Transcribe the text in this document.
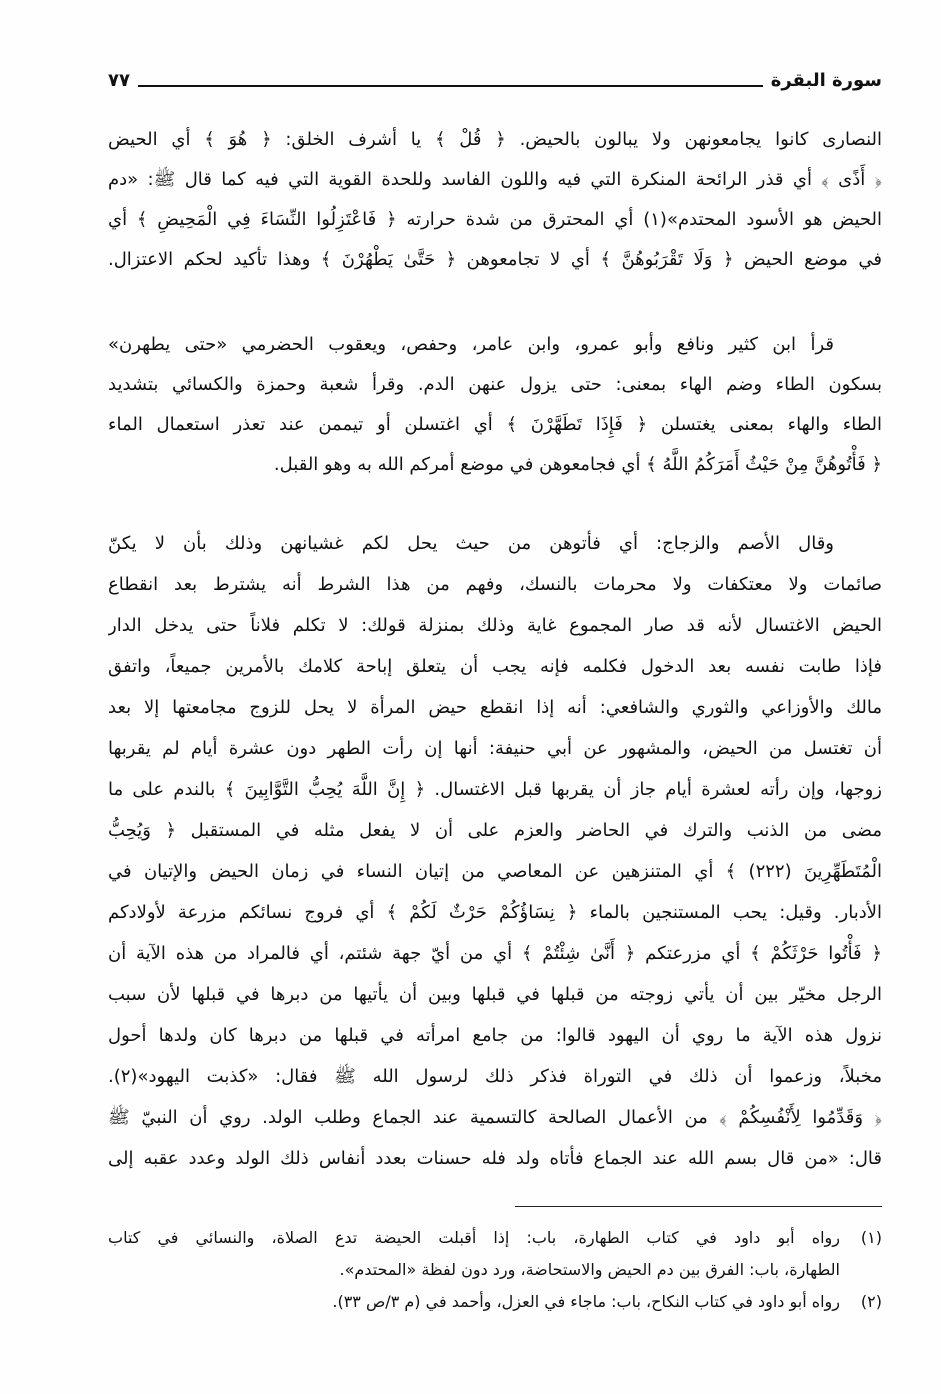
سورة البقرة
٧٧
النصارى كانوا يجامعونهن ولا يبالون بالحيض. ﴿ قُلْ ﴾ يا أشرف الخلق: ﴿ هُوَ ﴾ أي الحيض
﴿ أَذًى ﴾ أي قذر الرائحة المنكرة التي فيه واللون الفاسد وللحدة القوية التي فيه كما قال ﷺ: «دم
الحيض هو الأسود المحتدم»(١) أي المحترق من شدة حرارته ﴿ فَاعْتَزِلُوا النِّسَاءَ فِي الْمَحِيضِ ﴾ أي
في موضع الحيض ﴿ وَلَا تَقْرَبُوهُنَّ ﴾ أي لا تجامعوهن ﴿ حَتَّىٰ يَطْهُرْنَ ﴾ وهذا تأكيد لحكم الاعتزال.
قرأ ابن كثير ونافع وأبو عمرو، وابن عامر، وحفص، ويعقوب الحضرمي «حتى يطهرن»
بسكون الطاء وضم الهاء بمعنى: حتى يزول عنهن الدم. وقرأ شعبة وحمزة والكسائي بتشديد
الطاء والهاء بمعنى يغتسلن ﴿ فَإِذَا تَطَهَّرْنَ ﴾ أي اغتسلن أو تيممن عند تعذر استعمال الماء
﴿ فَأْتُوهُنَّ مِنْ حَيْثُ أَمَرَكُمُ اللَّهُ ﴾ أي فجامعوهن في موضع أمركم الله به وهو القبل.
وقال الأصم والزجاج: أي فأتوهن من حيث يحل لكم غشيانهن وذلك بأن لا يكنّ
صائمات ولا معتكفات ولا محرمات بالنسك، وفهم من هذا الشرط أنه يشترط بعد انقطاع
الحيض الاغتسال لأنه قد صار المجموع غاية وذلك بمنزلة قولك: لا تكلم فلاناً حتى يدخل الدار
فإذا طابت نفسه بعد الدخول فكلمه فإنه يجب أن يتعلق إباحة كلامك بالأمرين جميعاً، واتفق
مالك والأوزاعي والثوري والشافعي: أنه إذا انقطع حيض المرأة لا يحل للزوج مجامعتها إلا بعد
أن تغتسل من الحيض، والمشهور عن أبي حنيفة: أنها إن رأت الطهر دون عشرة أيام لم يقربها
زوجها، وإن رأته لعشرة أيام جاز أن يقربها قبل الاغتسال. ﴿ إِنَّ اللَّهَ يُحِبُّ التَّوَّابِينَ ﴾ بالندم على ما
مضى من الذنب والترك في الحاضر والعزم على أن لا يفعل مثله في المستقبل ﴿ وَيُحِبُّ
الْمُتَطَهِّرِينَ (٢٢٢) ﴾ أي المتنزهين عن المعاصي من إتيان النساء في زمان الحيض والإتيان في
الأدبار. وقيل: يحب المستنجين بالماء ﴿ نِسَاؤُكُمْ حَرْثٌ لَكُمْ ﴾ أي فروج نسائكم مزرعة لأولادكم
﴿ فَأْتُوا حَرْثَكُمْ ﴾ أي مزرعتكم ﴿ أَنَّىٰ شِئْتُمْ ﴾ أي من أيّ جهة شئتم، أي فالمراد من هذه الآية أن
الرجل مخيّر بين أن يأتي زوجته من قبلها في قبلها وبين أن يأتيها من دبرها في قبلها لأن سبب
نزول هذه الآية ما روي أن اليهود قالوا: من جامع امرأته في قبلها من دبرها كان ولدها أحول
مخبلاً، وزعموا أن ذلك في التوراة فذكر ذلك لرسول الله ﷺ فقال: «كذبت اليهود»(٢).
﴿ وَقَدِّمُوا لِأَنْفُسِكُمْ ﴾ من الأعمال الصالحة كالتسمية عند الجماع وطلب الولد. روي أن النبيّ ﷺ
قال: «من قال بسم الله عند الجماع فأتاه ولد فله حسنات بعدد أنفاس ذلك الولد وعدد عقبه إلى
(١)
رواه أبو داود في كتاب الطهارة، باب: إذا أقبلت الحيضة تدع الصلاة، والنسائي في كتاب
الطهارة، باب: الفرق بين دم الحيض والاستحاضة، ورد دون لفظة «المحتدم».
(٢)
رواه أبو داود في كتاب النكاح، باب: ماجاء في العزل، وأحمد في (م ٣/ص ٣٣).
